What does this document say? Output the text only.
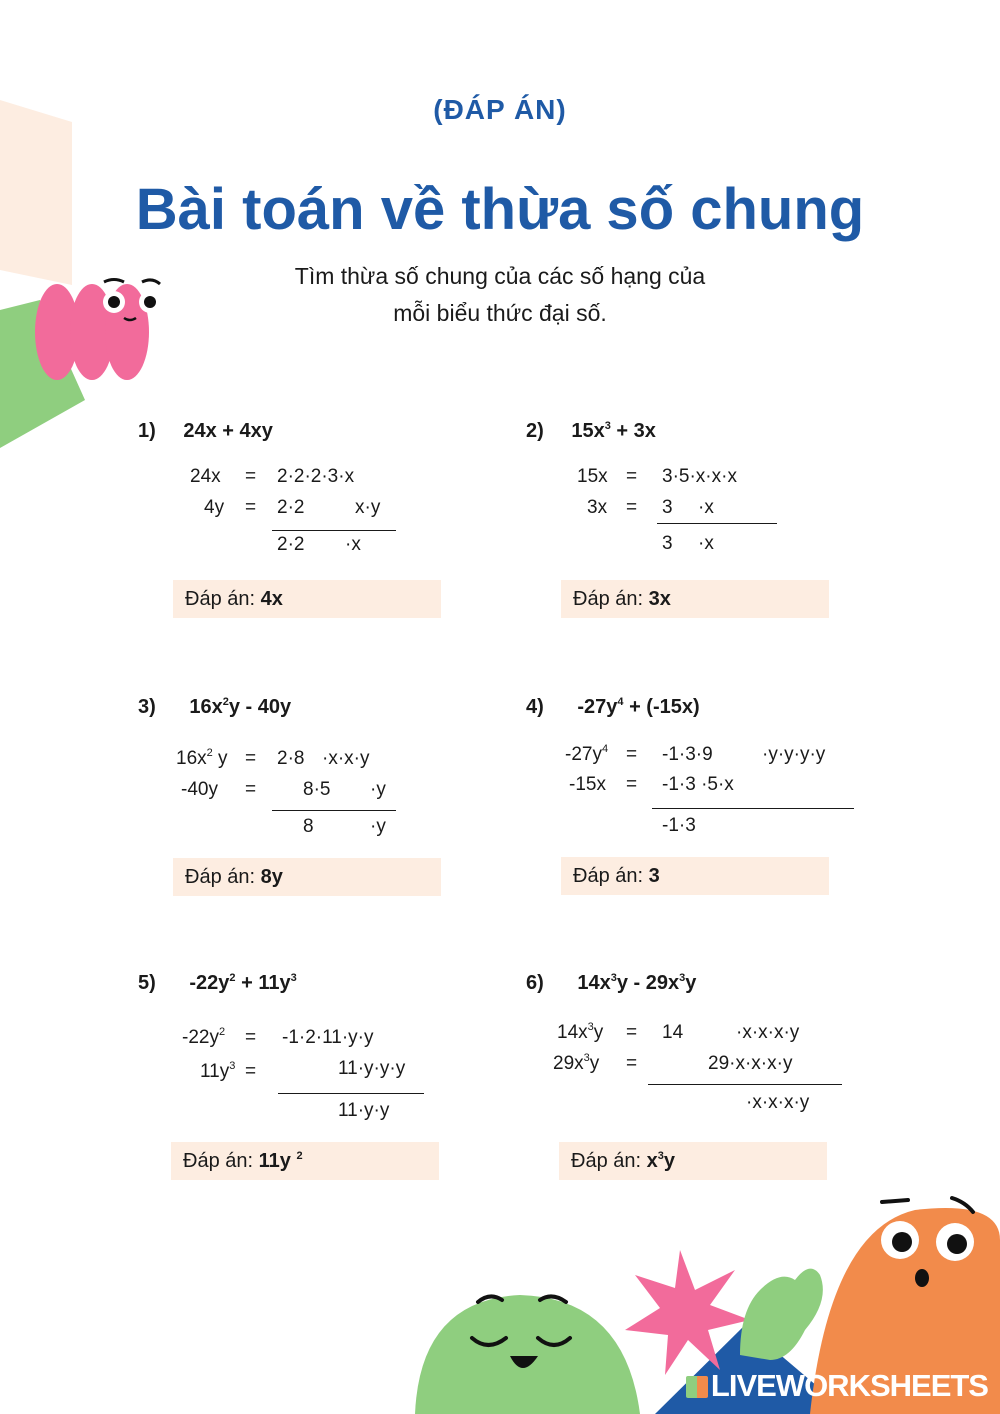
LIVEWORKSHEETS
(ĐÁP ÁN)
Bài toán về thừa số chung
Tìm thừa số chung của các số hạng của
mỗi biểu thức đại số.
1) 24x + 4xy
24x = 2·2·2·3·x
4y = 2·2	x·y
2·2 ·x
Đáp án: 4x
2) $15x^3 + 3x$
15x = 3·5·x·x·x
3x = 3 ·x
3 ·x
Đáp án: 3x
3) $16x^2y - 40y$
$16x^2$ y = 2·8 ·x·x·y
-40y = 8·5 ·y
8	·y
Đáp án: 8y
4) $-27y^4 + (-15x)$
$-27y^4 = -1\cdot 3\cdot 9$	·y·y·y·y
-15x = -1·3 ·5·x
-1·3
Đáp án: 3
5) $-22y^2 + 11y^3$
$-22y^2 = -1\cdot 2\cdot 11\cdot y\cdot y$
$11y^3$ =	11·y·y·y
11·y·y
Đáp án: 11y $^2$
6) $14x^3y - 29x^3y$
$14x^3y = 14$	·x·x·x·y
$29x^3y$ =	29·x·x·x·y
·x·x·x·y
Đáp án: $x^3y$
